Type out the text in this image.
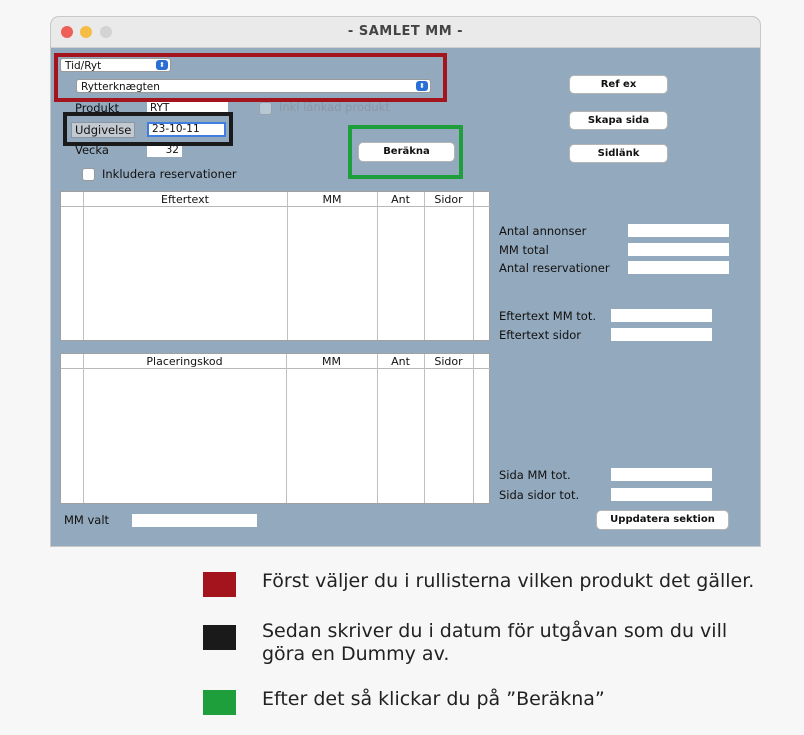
- SAMLET MM -
Tid/Ryt	⬍
Rytterknægten	⬍
Produkt	RYT	Inkl länkad produkt
Udgivelse	23-10-11
Vecka	32
Inkludera reservationer
Beräkna
Ref ex
Skapa sida
Sidlänk
Uppdatera sektion
Eftertext	MM	Ant	Sidor
Placeringskod	MM	Ant	Sidor
Antal annonser
MM total
Antal reservationer
Eftertext MM tot.
Eftertext sidor
Sida MM tot.
Sida sidor tot.
MM valt
Först väljer du i rullisterna vilken produkt det gäller.
Sedan skriver du i datum för utgåvan som du vill göra en Dummy av.
Efter det så klickar du på ”Beräkna”
